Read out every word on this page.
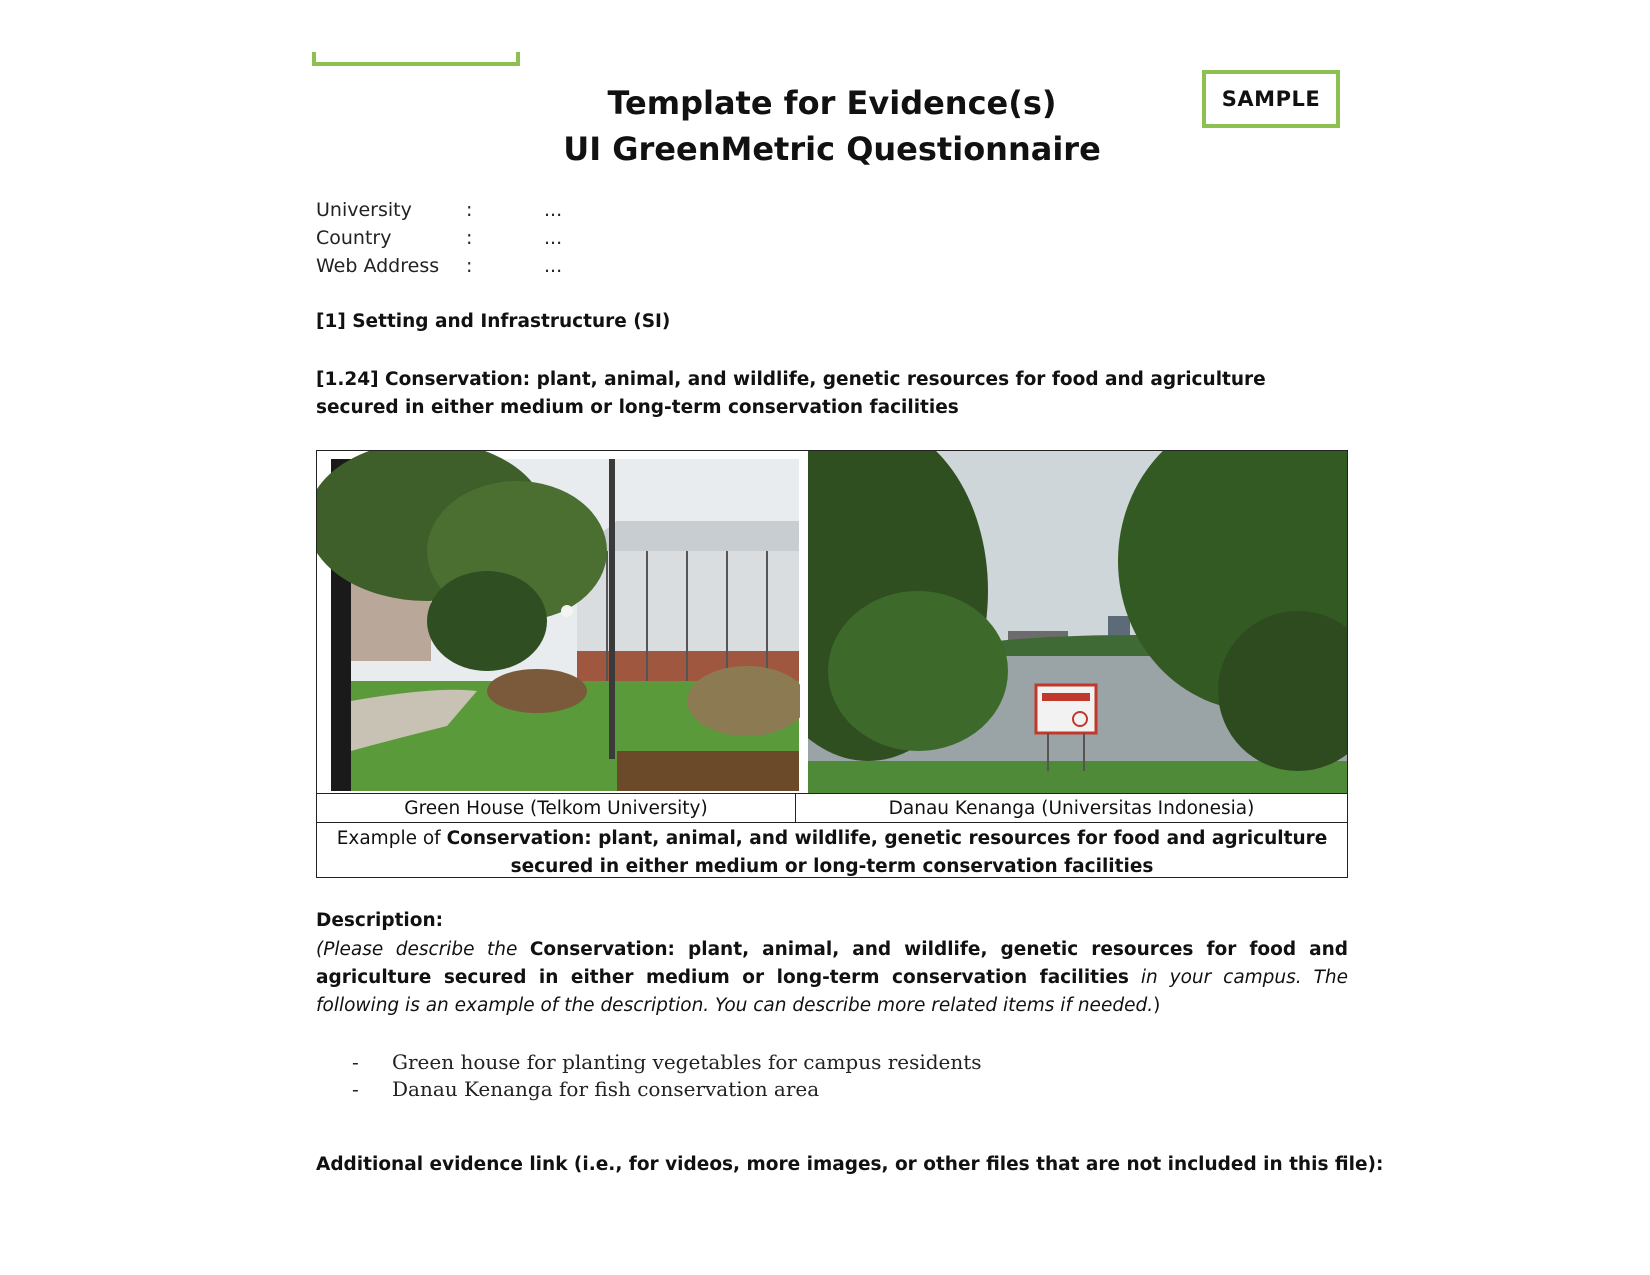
SAMPLE
Template for Evidence(s)
UI GreenMetric Questionnaire
University	:	...
Country	:	...
Web Address	:	...
[1] Setting and Infrastructure (SI)
[1.24] Conservation: plant, animal, and wildlife, genetic resources for food and agriculture secured in either medium or long-term conservation facilities
Green House (Telkom University)	Danau Kenanga (Universitas Indonesia)
Example of Conservation: plant, animal, and wildlife, genetic resources for food and agriculture secured in either medium or long-term conservation facilities
Description:
(Please describe the Conservation: plant, animal, and wildlife, genetic resources for food and agriculture secured in either medium or long-term conservation facilities in your campus. The following is an example of the description. You can describe more related items if needed.)
-	Green house for planting vegetables for campus residents
-	Danau Kenanga for fish conservation area
Additional evidence link (i.e., for videos, more images, or other files that are not included in this file):
